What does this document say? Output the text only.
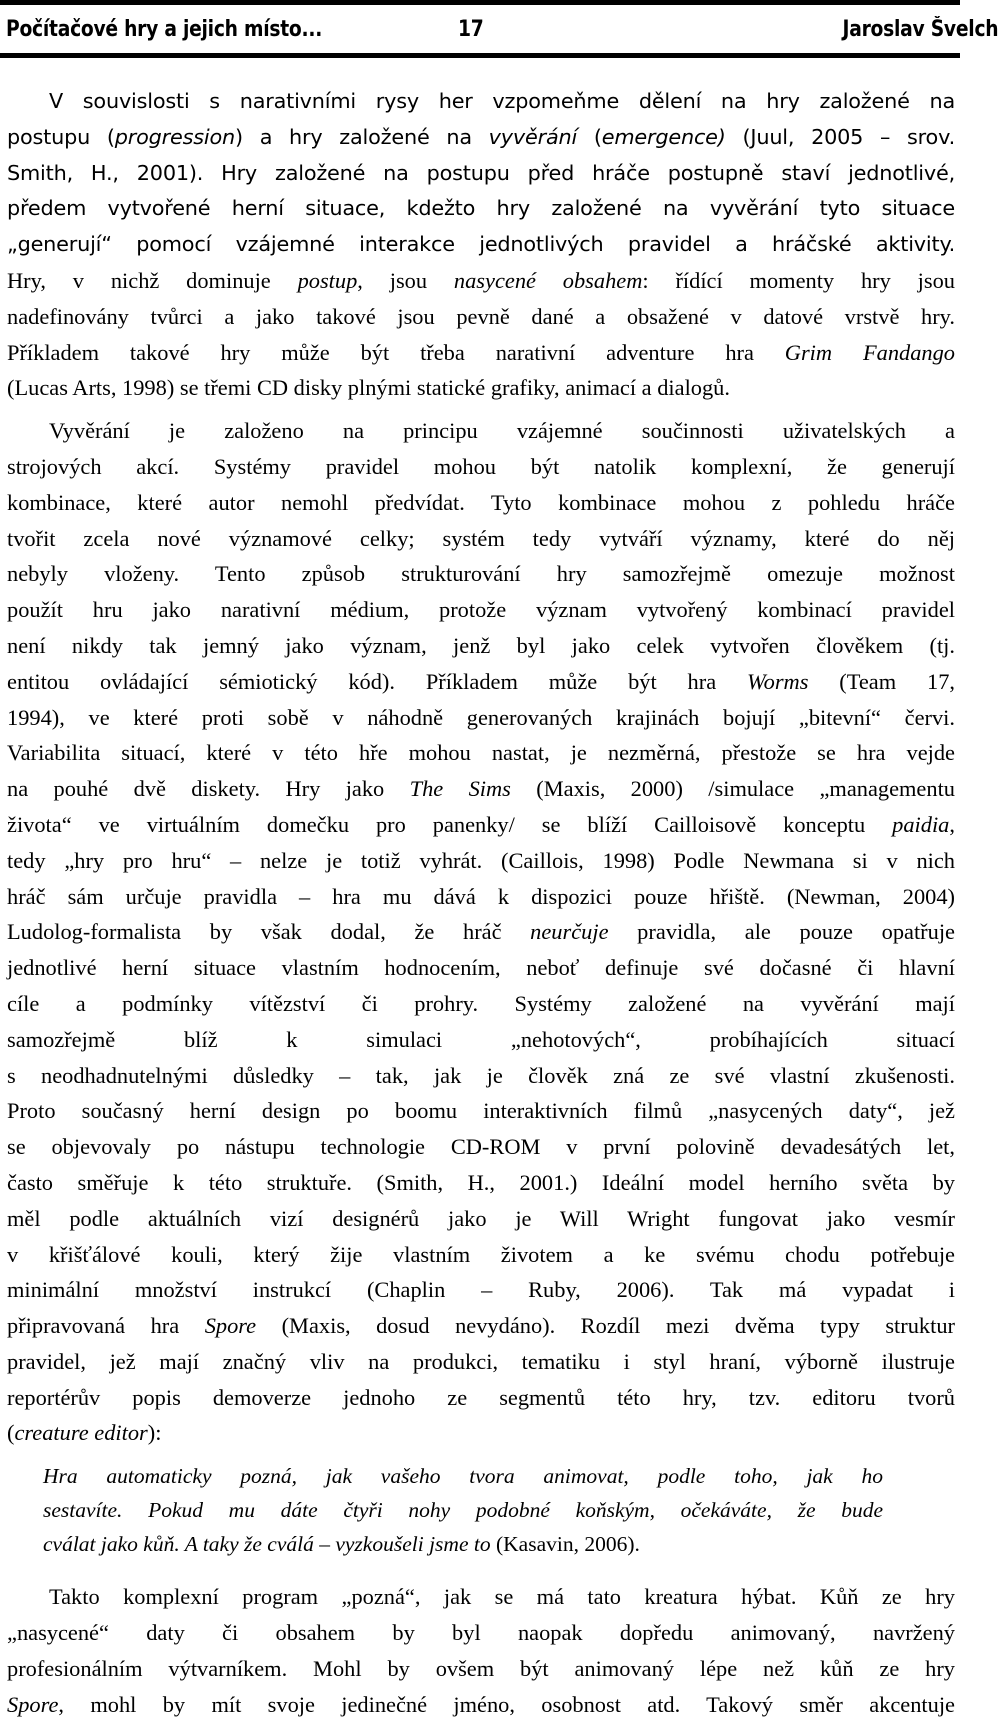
Počítačové hry a jejich místo...	17	Jaroslav Švelch

V souvislosti s narativními rysy her vzpomeňme dělení na hry založené na

postupu (progression) a hry založené na vyvěrání (emergence) (Juul, 2005 – srov.

Smith, H., 2001). Hry založené na postupu před hráče postupně staví jednotlivé,

předem vytvořené herní situace, kdežto hry založené na vyvěrání tyto situace

„generují“ pomocí vzájemné interakce jednotlivých pravidel a hráčské aktivity.

Hry, v nichž dominuje postup, jsou nasycené obsahem: řídící momenty hry jsou

nadefinovány tvůrci a jako takové jsou pevně dané a obsažené v datové vrstvě hry.

Příkladem takové hry může být třeba narativní adventure hra Grim Fandango

(Lucas Arts, 1998) se třemi CD disky plnými statické grafiky, animací a dialogů.

Vyvěrání je založeno na principu vzájemné součinnosti uživatelských a

strojových akcí. Systémy pravidel mohou být natolik komplexní, že generují

kombinace, které autor nemohl předvídat. Tyto kombinace mohou z pohledu hráče

tvořit zcela nové významové celky; systém tedy vytváří významy, které do něj

nebyly vloženy. Tento způsob strukturování hry samozřejmě omezuje možnost

použít hru jako narativní médium, protože význam vytvořený kombinací pravidel

není nikdy tak jemný jako význam, jenž byl jako celek vytvořen člověkem (tj.

entitou ovládající sémiotický kód). Příkladem může být hra Worms (Team 17,

1994), ve které proti sobě v náhodně generovaných krajinách bojují „bitevní“ červi.

Variabilita situací, které v této hře mohou nastat, je nezměrná, přestože se hra vejde

na pouhé dvě diskety. Hry jako The Sims (Maxis, 2000) /simulace „managementu

života“ ve virtuálním domečku pro panenky/ se blíží Cailloisově konceptu paidia,

tedy „hry pro hru“ – nelze je totiž vyhrát. (Caillois, 1998) Podle Newmana si v nich

hráč sám určuje pravidla – hra mu dává k dispozici pouze hřiště. (Newman, 2004)

Ludolog-formalista by však dodal, že hráč neurčuje pravidla, ale pouze opatřuje

jednotlivé herní situace vlastním hodnocením, neboť definuje své dočasné či hlavní

cíle a podmínky vítězství či prohry. Systémy založené na vyvěrání mají

samozřejmě blíž k simulaci „nehotových“, probíhajících situací

s neodhadnutelnými důsledky – tak, jak je člověk zná ze své vlastní zkušenosti.

Proto současný herní design po boomu interaktivních filmů „nasycených daty“, jež

se objevovaly po nástupu technologie CD-ROM v první polovině devadesátých let,

často směřuje k této struktuře. (Smith, H., 2001.) Ideální model herního světa by

měl podle aktuálních vizí designérů jako je Will Wright fungovat jako vesmír

v křišťálové kouli, který žije vlastním životem a ke svému chodu potřebuje

minimální množství instrukcí (Chaplin – Ruby, 2006). Tak má vypadat i

připravovaná hra Spore (Maxis, dosud nevydáno). Rozdíl mezi dvěma typy struktur

pravidel, jež mají značný vliv na produkci, tematiku i styl hraní, výborně ilustruje

reportérův popis demoverze jednoho ze segmentů této hry, tzv. editoru tvorů

(creature editor):

Hra automaticky pozná, jak vašeho tvora animovat, podle toho, jak ho

sestavíte. Pokud mu dáte čtyři nohy podobné koňským, očekáváte, že bude

cválat jako kůň. A taky že cválá – vyzkoušeli jsme to (Kasavin, 2006).

Takto komplexní program „pozná“, jak se má tato kreatura hýbat. Kůň ze hry

„nasycené“ daty či obsahem by byl naopak dopředu animovaný, navržený

profesionálním výtvarníkem. Mohl by ovšem být animovaný lépe než kůň ze hry

Spore, mohl by mít svoje jedinečné jméno, osobnost atd. Takový směr akcentuje
